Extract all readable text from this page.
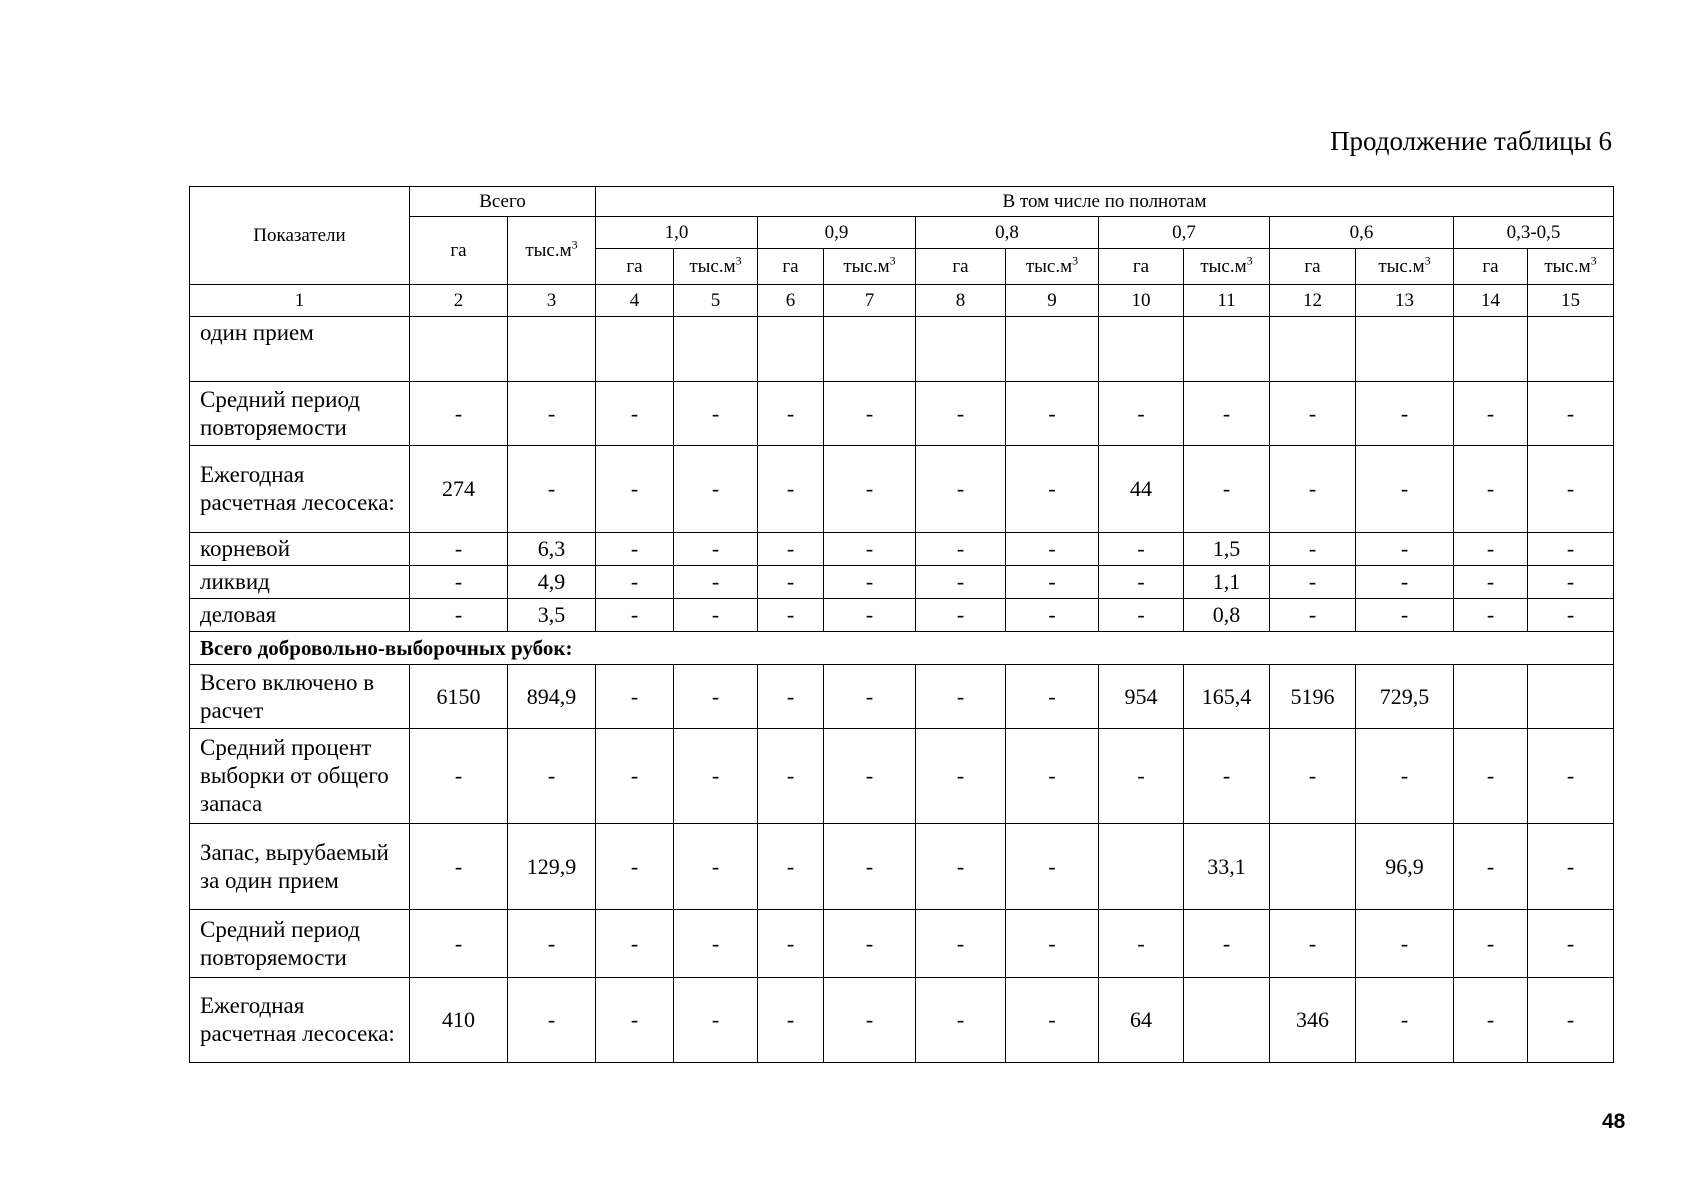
Продолжение таблицы 6
Показатели	Всего		В том числе по полнотам											
	га	$тыс.м^3$	1,0		0,9		0,8		0,7		0,6		0,3-0,5	
			га	$тыс.м^3$	га	$тыс.м^3$	га	$тыс.м^3$	га	$тыс.м^3$	га	$тыс.м^3$	га	$тыс.м^3$
1	2	3	4	5	6	7	8	9	10	11	12	13	14	15
один прием														
Средний период повторяемости	-	-	-	-	-	-	-	-	-	-	-	-	-	-
Ежегодная расчетная лесосека:	274	-	-	-	-	-	-	-	44	-	-	-	-	-
корневой	-	6,3	-	-	-	-	-	-	-	1,5	-	-	-	-
ликвид	-	4,9	-	-	-	-	-	-	-	1,1	-	-	-	-
деловая	-	3,5	-	-	-	-	-	-	-	0,8	-	-	-	-
Всего добровольно-выборочных рубок:														
Всего включено в расчет	6150	894,9	-	-	-	-	-	-	954	165,4	5196	729,5		
Средний процент выборки от общего запаса	-	-	-	-	-	-	-	-	-	-	-	-	-	-
Запас, вырубаемый за один прием	-	129,9	-	-	-	-	-	-		33,1		96,9	-	-
Средний период повторяемости	-	-	-	-	-	-	-	-	-	-	-	-	-	-
Ежегодная расчетная лесосека:	410	-	-	-	-	-	-	-	64		346	-	-	-
48
